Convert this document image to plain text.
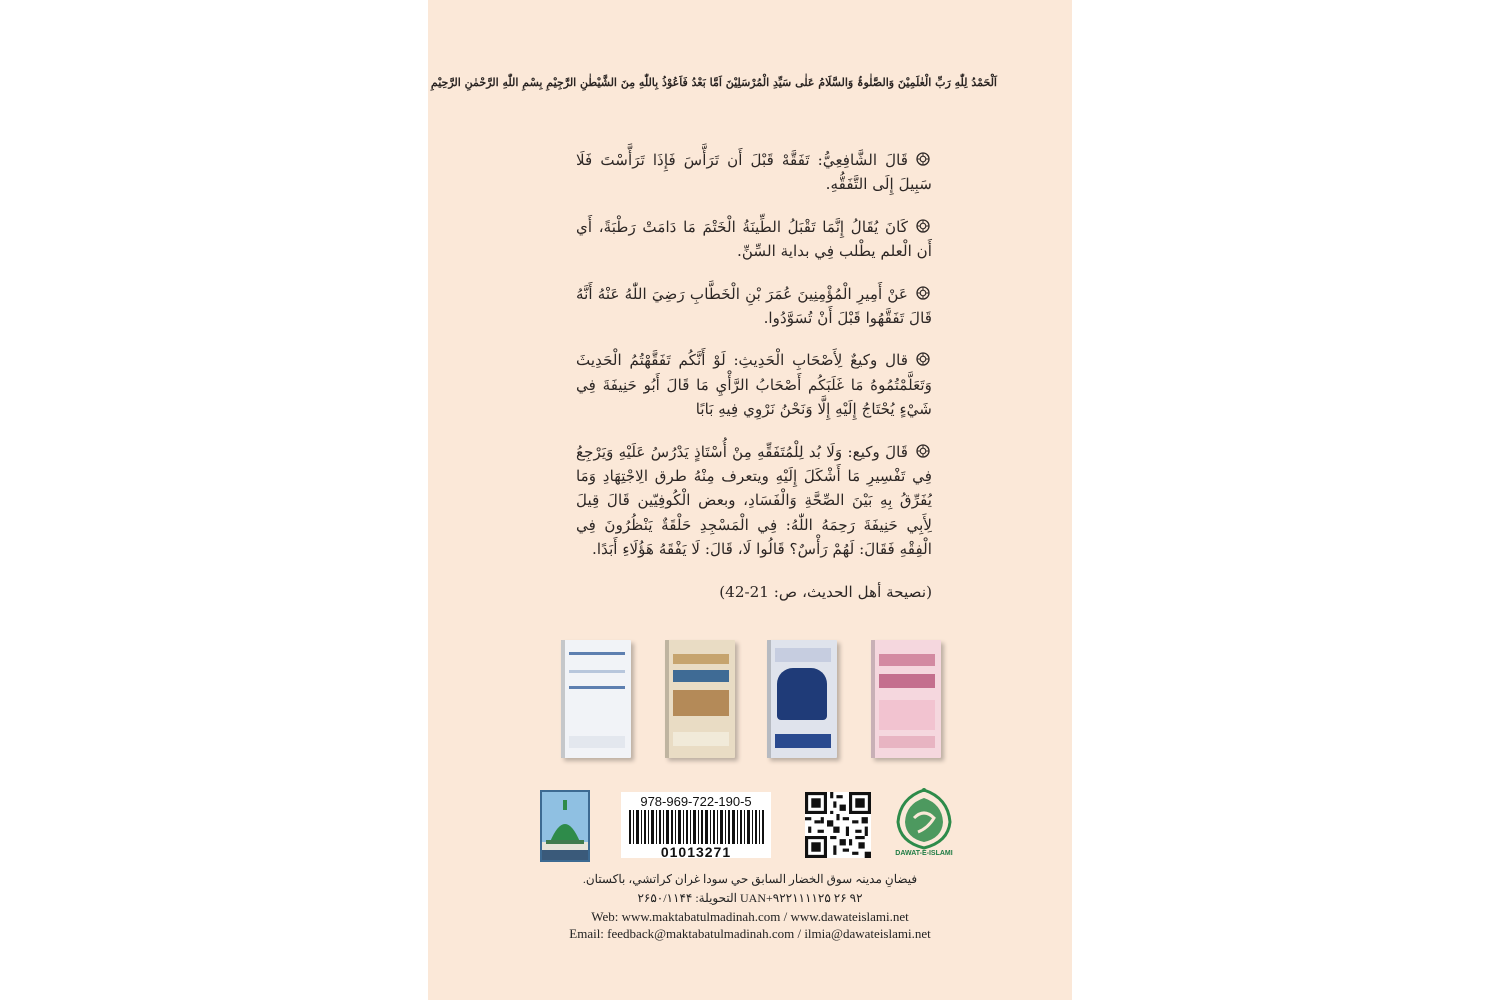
اَلْحَمْدُ لِلّٰهِ رَبِّ الْعٰلَمِیْنَ وَالصَّلٰوۃُ وَالسَّلَامُ عَلٰی سَیِّدِ الْمُرْسَلِیْنَ اَمَّا بَعْدُ فَاَعُوْذُ بِاللّٰهِ مِنَ الشَّیْطٰنِ الرَّجِیْمِ بِسْمِ اللّٰهِ الرَّحْمٰنِ الرَّحِیْمِ

قَالَ الشَّافِعِيُّ: تَفَقَّهْ قَبْلَ أَن تَرَأَّسَ فَإِذَا تَرَأَّسْتَ فَلَا سَبِيلَ إِلَى التَّفَقُّهِ.

كَانَ يُقَالُ إِنَّمَا تَقْبَلُ الطِّينَةُ الْخَتْمَ مَا دَامَتْ رَطْبَةً، أَي أَن الْعلم يطْلب فِي بداية السِّنِّ.

عَنْ أَمِيرِ الْمُؤْمِنِينَ عُمَرَ بْنِ الْخَطَّابِ رَضِيَ اللّٰهُ عَنْهُ أَنَّهُ قَالَ تَفَقَّهُوا قَبْلَ أَنْ تُسَوَّدُوا.

قال وكيعٌ لِأَصْحَابِ الْحَدِيثِ: لَوْ أَنَّكُم تَفَقَّهْتُمُ الْحَدِيثَ وَتَعَلَّمْتُمُوهُ مَا غَلَبَكُم أَصْحَابُ الرَّأْيِ مَا قَالَ أَبُو حَنِيفَةَ فِي شَيْءٍ يُحْتَاجُ إِلَيْهِ إِلَّا وَنَحْنُ نَرْوِي فِيهِ بَابًا

قَالَ وكيع: وَلَا بُد لِلْمُتَفَقِّهِ مِنْ أُسْتَاذٍ يَدْرُسُ عَلَيْهِ وَيَرْجِعُ فِي تَفْسِيرِ مَا أَشْكَلَ إِلَيْهِ ويتعرف مِنْهُ طرق الِاجْتِهَادِ وَمَا يُفَرِّقُ بِهِ بَيْنَ الصِّحَّةِ وَالْفَسَادِ، وبعض الْكُوفِيّين قَالَ قِيلَ لِأَبِي حَنِيفَةَ رَحِمَهُ اللّٰهُ: فِي الْمَسْجِدِ حَلْقَةٌ يَنْظُرُونَ فِي الْفِقْهِ فَقَالَ: لَهُمْ رَأْسٌ؟ قَالُوا لَا، قَالَ: لَا يَفْقَهُ هَؤُلَاءِ أَبَدًا.

(نصيحة أهل الحديث، ص: 21-42)

978-969-722-190-5
01013271	DAWAT-E-ISLAMI
فیضانِ مدینہ سوق الخضار السابق حي سودا غران کراتشي، باکستان.
UAN+۹۲۲۱۱۱۱۲۵ ۲۶ ۹۲ التحویلة: ۲۶۵۰/۱۱۴۴
Web: www.maktabatulmadinah.com / www.dawateislami.net
Email: feedback@maktabatulmadinah.com / ilmia@dawateislami.net
